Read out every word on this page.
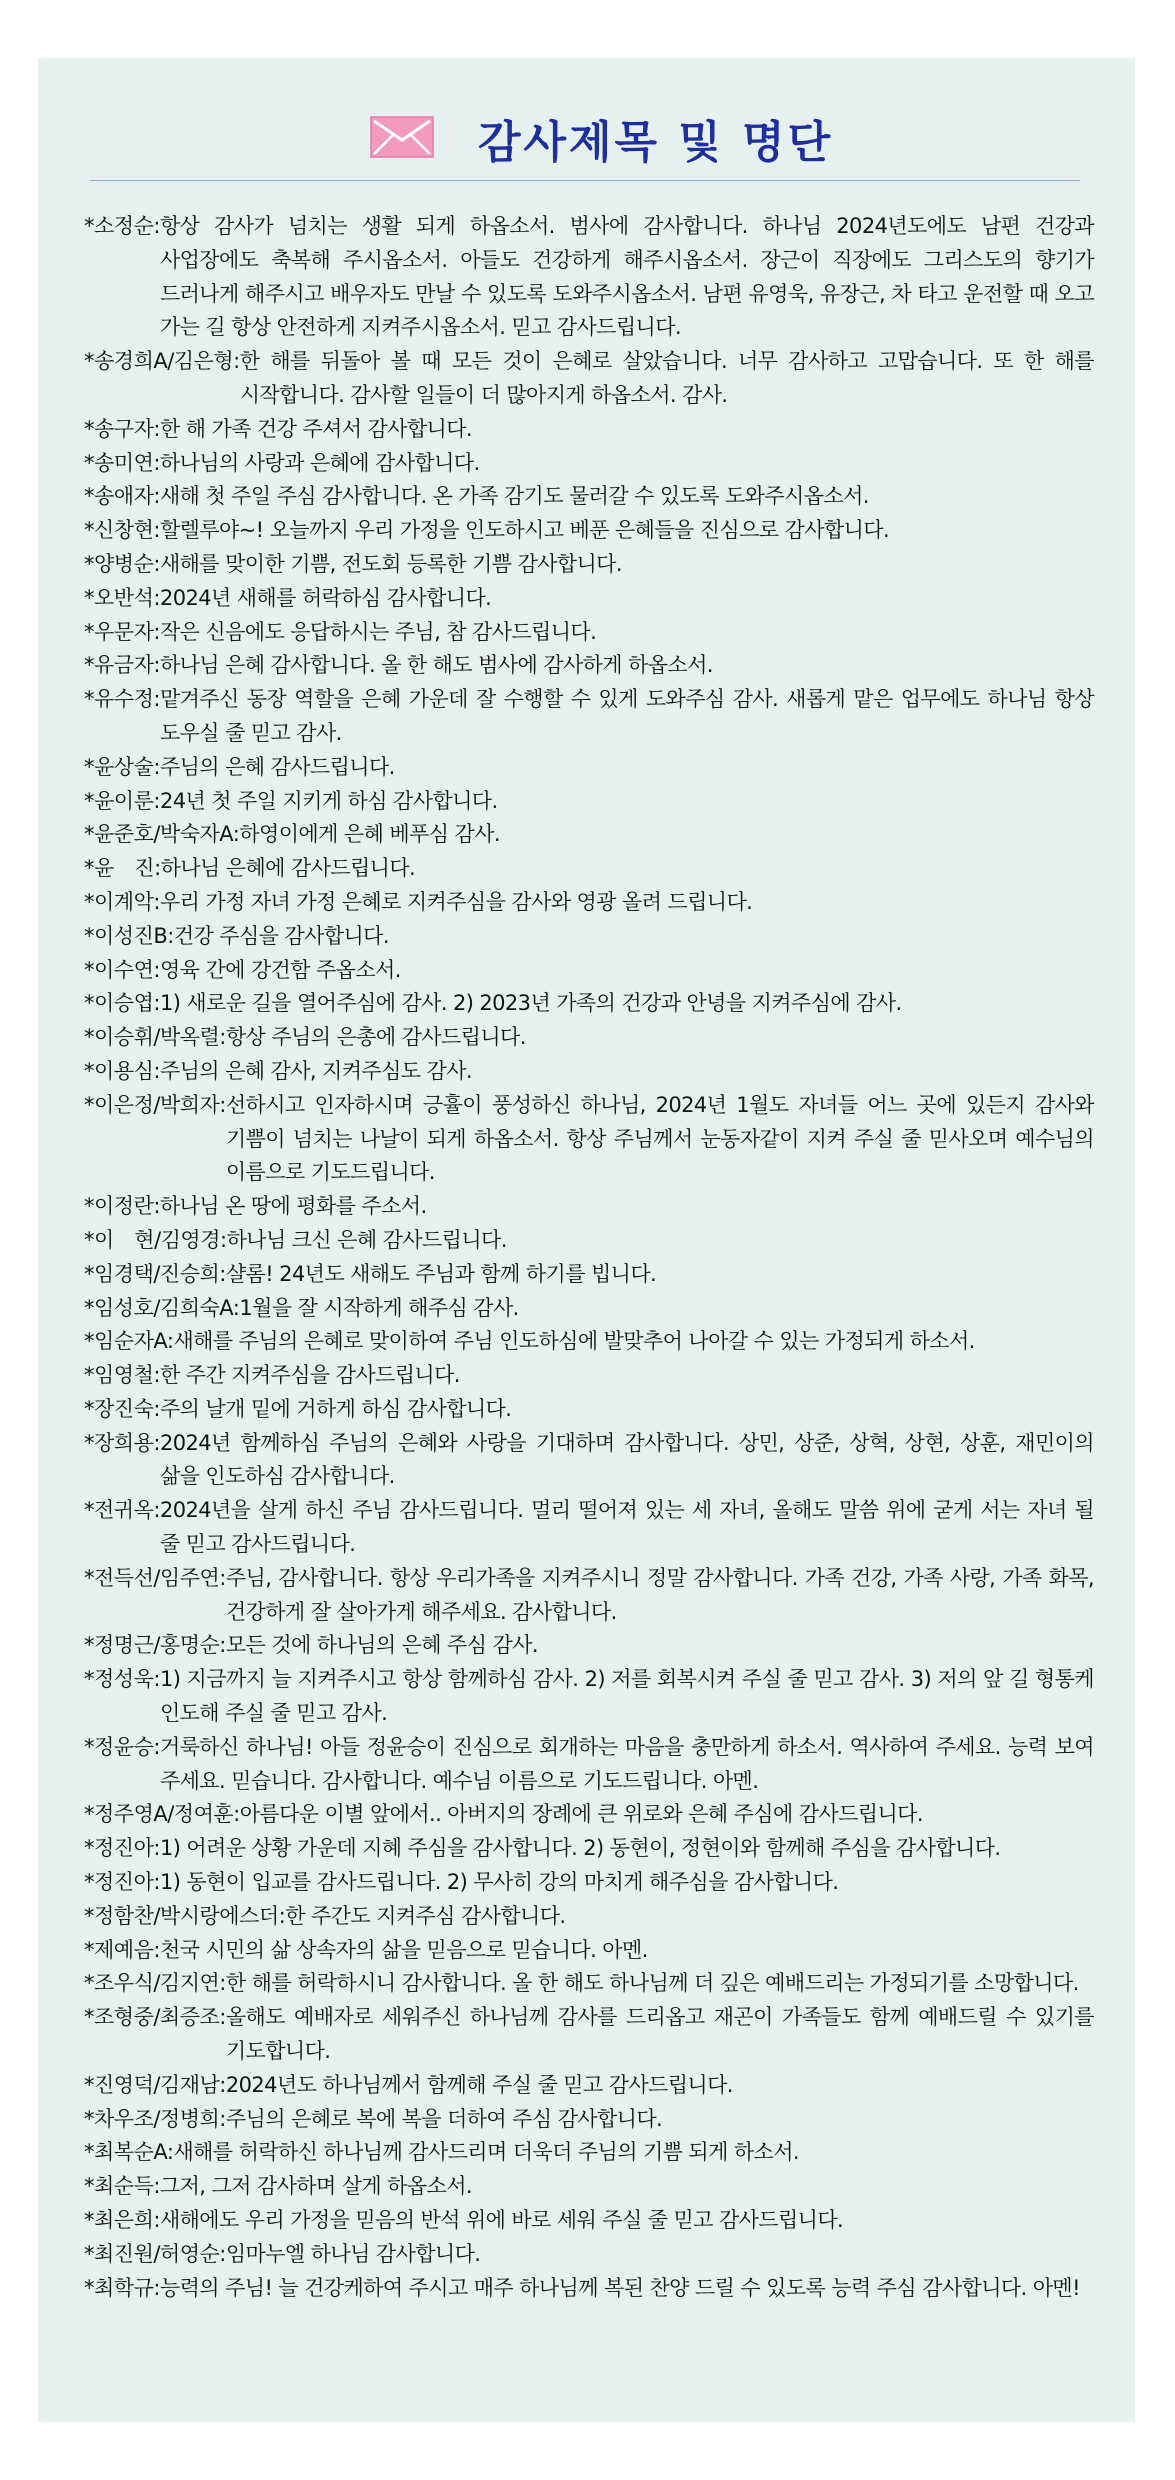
감사제목 및 명단
*소정순: 항상 감사가 넘치는 생활 되게 하옵소서. 범사에 감사합니다. 하나님 2024년도에도 남편 건강과 사업장에도 축복해 주시옵소서. 아들도 건강하게 해주시옵소서. 장근이 직장에도 그리스도의 향기가 드러나게 해주시고 배우자도 만날 수 있도록 도와주시옵소서. 남편 유영욱, 유장근, 차 타고 운전할 때 오고 가는 길 항상 안전하게 지켜주시옵소서. 믿고 감사드립니다.
*송경희A/김은형: 한 해를 뒤돌아 볼 때 모든 것이 은혜로 살았습니다. 너무 감사하고 고맙습니다. 또 한 해를 시작합니다. 감사할 일들이 더 많아지게 하옵소서. 감사.
*송구자: 한 해 가족 건강 주셔서 감사합니다.
*송미연: 하나님의 사랑과 은혜에 감사합니다.
*송애자: 새해 첫 주일 주심 감사합니다. 온 가족 감기도 물러갈 수 있도록 도와주시옵소서.
*신창현: 할렐루야~! 오늘까지 우리 가정을 인도하시고 베푼 은혜들을 진심으로 감사합니다.
*양병순: 새해를 맞이한 기쁨, 전도회 등록한 기쁨 감사합니다.
*오반석: 2024년 새해를 허락하심 감사합니다.
*우문자: 작은 신음에도 응답하시는 주님, 참 감사드립니다.
*유금자: 하나님 은혜 감사합니다. 올 한 해도 범사에 감사하게 하옵소서.
*유수정: 맡겨주신 동장 역할을 은혜 가운데 잘 수행할 수 있게 도와주심 감사. 새롭게 맡은 업무에도 하나님 항상 도우실 줄 믿고 감사.
*윤상술: 주님의 은혜 감사드립니다.
*윤이룬: 24년 첫 주일 지키게 하심 감사합니다.
*윤준호/박숙자A: 하영이에게 은혜 베푸심 감사.
*윤　진: 하나님 은혜에 감사드립니다.
*이계악: 우리 가정 자녀 가정 은혜로 지켜주심을 감사와 영광 올려 드립니다.
*이성진B: 건강 주심을 감사합니다.
*이수연: 영육 간에 강건함 주옵소서.
*이승엽: 1) 새로운 길을 열어주심에 감사. 2) 2023년 가족의 건강과 안녕을 지켜주심에 감사.
*이승휘/박옥렬: 항상 주님의 은총에 감사드립니다.
*이용심: 주님의 은혜 감사, 지켜주심도 감사.
*이은정/박희자: 선하시고 인자하시며 긍휼이 풍성하신 하나님, 2024년 1월도 자녀들 어느 곳에 있든지 감사와 기쁨이 넘치는 나날이 되게 하옵소서. 항상 주님께서 눈동자같이 지켜 주실 줄 믿사오며 예수님의 이름으로 기도드립니다.
*이정란: 하나님 온 땅에 평화를 주소서.
*이　현/김영경: 하나님 크신 은혜 감사드립니다.
*임경택/진승희: 샬롬! 24년도 새해도 주님과 함께 하기를 빕니다.
*임성호/김희숙A: 1월을 잘 시작하게 해주심 감사.
*임순자A: 새해를 주님의 은혜로 맞이하여 주님 인도하심에 발맞추어 나아갈 수 있는 가정되게 하소서.
*임영철: 한 주간 지켜주심을 감사드립니다.
*장진숙: 주의 날개 밑에 거하게 하심 감사합니다.
*장희용: 2024년 함께하심 주님의 은혜와 사랑을 기대하며 감사합니다. 상민, 상준, 상혁, 상현, 상훈, 재민이의 삶을 인도하심 감사합니다.
*전귀옥: 2024년을 살게 하신 주님 감사드립니다. 멀리 떨어져 있는 세 자녀, 올해도 말씀 위에 굳게 서는 자녀 될 줄 믿고 감사드립니다.
*전득선/임주연: 주님, 감사합니다. 항상 우리가족을 지켜주시니 정말 감사합니다. 가족 건강, 가족 사랑, 가족 화목, 건강하게 잘 살아가게 해주세요. 감사합니다.
*정명근/홍명순: 모든 것에 하나님의 은혜 주심 감사.
*정성욱: 1) 지금까지 늘 지켜주시고 항상 함께하심 감사. 2) 저를 회복시켜 주실 줄 믿고 감사. 3) 저의 앞 길 형통케 인도해 주실 줄 믿고 감사.
*정윤승: 거룩하신 하나님! 아들 정윤승이 진심으로 회개하는 마음을 충만하게 하소서. 역사하여 주세요. 능력 보여 주세요. 믿습니다. 감사합니다. 예수님 이름으로 기도드립니다. 아멘.
*정주영A/정여훈: 아름다운 이별 앞에서.. 아버지의 장례에 큰 위로와 은혜 주심에 감사드립니다.
*정진아: 1) 어려운 상황 가운데 지혜 주심을 감사합니다. 2) 동현이, 정현이와 함께해 주심을 감사합니다.
*정진아: 1) 동현이 입교를 감사드립니다. 2) 무사히 강의 마치게 해주심을 감사합니다.
*정함찬/박시랑에스더: 한 주간도 지켜주심 감사합니다.
*제예음: 천국 시민의 삶 상속자의 삶을 믿음으로 믿습니다. 아멘.
*조우식/김지연: 한 해를 허락하시니 감사합니다. 올 한 해도 하나님께 더 깊은 예배드리는 가정되기를 소망합니다.
*조형중/최증조: 올해도 예배자로 세워주신 하나님께 감사를 드리옵고 재곤이 가족들도 함께 예배드릴 수 있기를 기도합니다.
*진영덕/김재남: 2024년도 하나님께서 함께해 주실 줄 믿고 감사드립니다.
*차우조/정병희: 주님의 은혜로 복에 복을 더하여 주심 감사합니다.
*최복순A: 새해를 허락하신 하나님께 감사드리며 더욱더 주님의 기쁨 되게 하소서.
*최순득: 그저, 그저 감사하며 살게 하옵소서.
*최은희: 새해에도 우리 가정을 믿음의 반석 위에 바로 세워 주실 줄 믿고 감사드립니다.
*최진원/허영순: 임마누엘 하나님 감사합니다.
*최학규: 능력의 주님! 늘 건강케하여 주시고 매주 하나님께 복된 찬양 드릴 수 있도록 능력 주심 감사합니다. 아멘!
